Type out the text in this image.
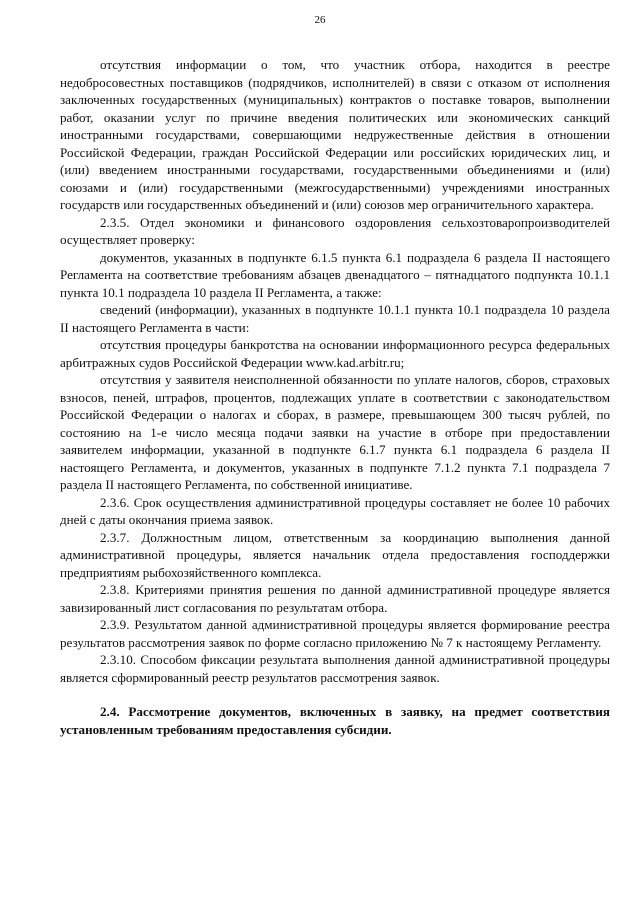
26

отсутствия информации о том, что участник отбора, находится в реестре недобросовестных поставщиков (подрядчиков, исполнителей) в связи с отказом от исполнения заключенных государственных (муниципальных) контрактов о поставке товаров, выполнении работ, оказании услуг по причине введения политических или экономических санкций иностранными государствами, совершающими недружественные действия в отношении Российской Федерации, граждан Российской Федерации или российских юридических лиц, и (или) введением иностранными государствами, государственными объединениями и (или) союзами и (или) государственными (межгосударственными) учреждениями иностранных государств или государственных объединений и (или) союзов мер ограничительного характера.

2.3.5. Отдел экономики и финансового оздоровления сельхозтоваропроизводителей осуществляет проверку:

документов, указанных в подпункте 6.1.5 пункта 6.1 подраздела 6 раздела II настоящего Регламента на соответствие требованиям абзацев двенадцатого – пятнадцатого подпункта 10.1.1 пункта 10.1 подраздела 10 раздела II Регламента, а также:

сведений (информации), указанных в подпункте 10.1.1 пункта 10.1 подраздела 10 раздела II настоящего Регламента в части:

отсутствия процедуры банкротства на основании информационного ресурса федеральных арбитражных судов Российской Федерации www.kad.arbitr.ru;

отсутствия у заявителя неисполненной обязанности по уплате налогов, сборов, страховых взносов, пеней, штрафов, процентов, подлежащих уплате в соответствии с законодательством Российской Федерации о налогах и сборах, в размере, превышающем 300 тысяч рублей, по состоянию на 1-е число месяца подачи заявки на участие в отборе при предоставлении заявителем информации, указанной в подпункте 6.1.7 пункта 6.1 подраздела 6 раздела II настоящего Регламента, и документов, указанных в подпункте 7.1.2 пункта 7.1 подраздела 7 раздела II настоящего Регламента, по собственной инициативе.

2.3.6. Срок осуществления административной процедуры составляет не более 10 рабочих дней с даты окончания приема заявок.

2.3.7. Должностным лицом, ответственным за координацию выполнения данной административной процедуры, является начальник отдела предоставления господдержки предприятиям рыбохозяйственного комплекса.

2.3.8. Критериями принятия решения по данной административной процедуре является завизированный лист согласования по результатам отбора.

2.3.9. Результатом данной административной процедуры является формирование реестра результатов рассмотрения заявок по форме согласно приложению № 7 к настоящему Регламенту.

2.3.10. Способом фиксации результата выполнения данной административной процедуры является сформированный реестр результатов рассмотрения заявок.

2.4. Рассмотрение документов, включенных в заявку, на предмет соответствия установленным требованиям предоставления субсидии.
